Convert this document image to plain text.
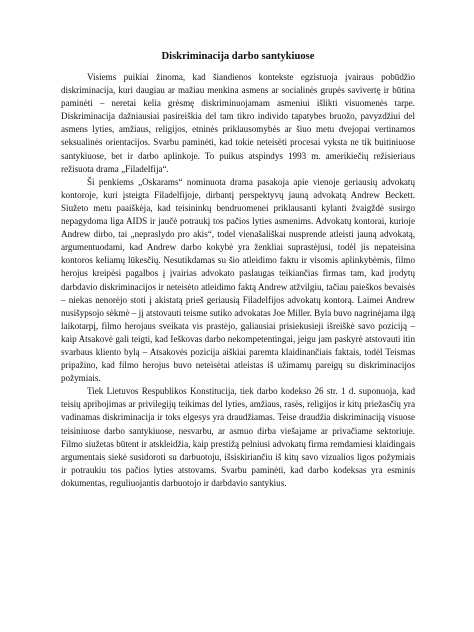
Diskriminacija darbo santykiuose

Visiems puikiai žinoma, kad šiandienos kontekste egzistuoja įvairaus pobūdžio diskriminacija, kuri daugiau ar mažiau menkina asmens ar socialinės grupės savivertę ir būtina paminėti – neretai kelia grėsmę diskriminuojamam asmeniui išlikti visuomenės tarpe. Diskriminacija dažniausiai pasireiškia del tam tikro individo tapatybes bruožo, pavyzdžiui del asmens lyties, amžiaus, religijos, etninės priklausomybės ar šiuo metu dvejopai vertinamos seksualinės orientacijos. Svarbu paminėti, kad tokie neteisėti procesai vyksta ne tik buitiniuose santykiuose, bet ir darbo aplinkoje. To puikus atspindys 1993 m. amerikiečių režisieriaus režisuota drama „Filadelfija“.

Ši penkiems „Oskarams“ nominuota drama pasakoja apie vienoje geriausių advokatų kontoroje, kuri įsteigta Filadelfijoje, dirbantį perspektyvų jauną advokatą Andrew Beckett. Siužeto metu paaiškėja, kad teisininkų bendruomenei priklausanti kylanti žvaigždė susirgo nepagydoma liga AIDS ir jaučė potraukį tos pačios lyties asmenims. Advokatų kontorai, kurioje Andrew dirbo, tai „nepraslydo pro akis“, todel vienašališkai nusprende atleisti jauną advokatą, argumentuodami, kad Andrew darbo kokybė yra ženkliai suprastėjusi, todėl jis nepateisina kontoros keliamų lūkesčių. Nesutikdamas su šio atleidimo faktu ir visomis aplinkybėmis, filmo herojus kreipėsi pagalbos į įvairias advokato paslaugas teikiančias firmas tam, kad įrodytų darbdavio diskriminacijos ir neteisėto atleidimo faktą Andrew atžvilgiu, tačiau paieškos bevaisės – niekas nenorėjo stoti į akistatą prieš geriausią Filadelfijos advokatų kontorą. Laimei Andrew nusišypsojo sėkmė – jį atstovauti teisme sutiko advokatas Joe Miller. Byla buvo nagrinėjama ilgą laikotarpį, filmo herojaus sveikata vis prastėjo, galiausiai prisiekusieji išreiškė savo poziciją – kaip Atsakovė gali teigti, kad Ieškovas darbo nekompetentingai, jeigu jam paskyrė atstovauti itin svarbaus kliento bylą – Atsakovės pozicija aiškiai paremta klaidinančiais faktais, todėl Teismas pripažino, kad filmo herojus buvo neteisėtai atleistas iš užimamų pareigų su diskriminacijos požymiais.

Tiek Lietuvos Respublikos Konstitucija, tiek darbo kodekso 26 str. 1 d. suponuoja, kad teisių apribojimas ar privilegijų teikimas del lyties, amžiaus, rasės, religijos ir kitų priežasčių yra vadinamas diskriminacija ir toks elgesys yra draudžiamas. Teise draudžia diskriminaciją visuose teisiniuose darbo santykiuose, nesvarbu, ar asmuo dirba viešajame ar privačiame sektoriuje. Filmo siužetas būtent ir atskleidžia, kaip prestižą pelniusi advokatų firma remdamiesi klaidingais argumentais siekė susidoroti su darbuotoju, išsiskiriančiu iš kitų savo vizualios ligos požymiais ir potraukiu tos pačios lyties atstovams. Svarbu paminėti, kad darbo kodeksas yra esminis dokumentas, reguliuojantis darbuotojo ir darbdavio santykius.
